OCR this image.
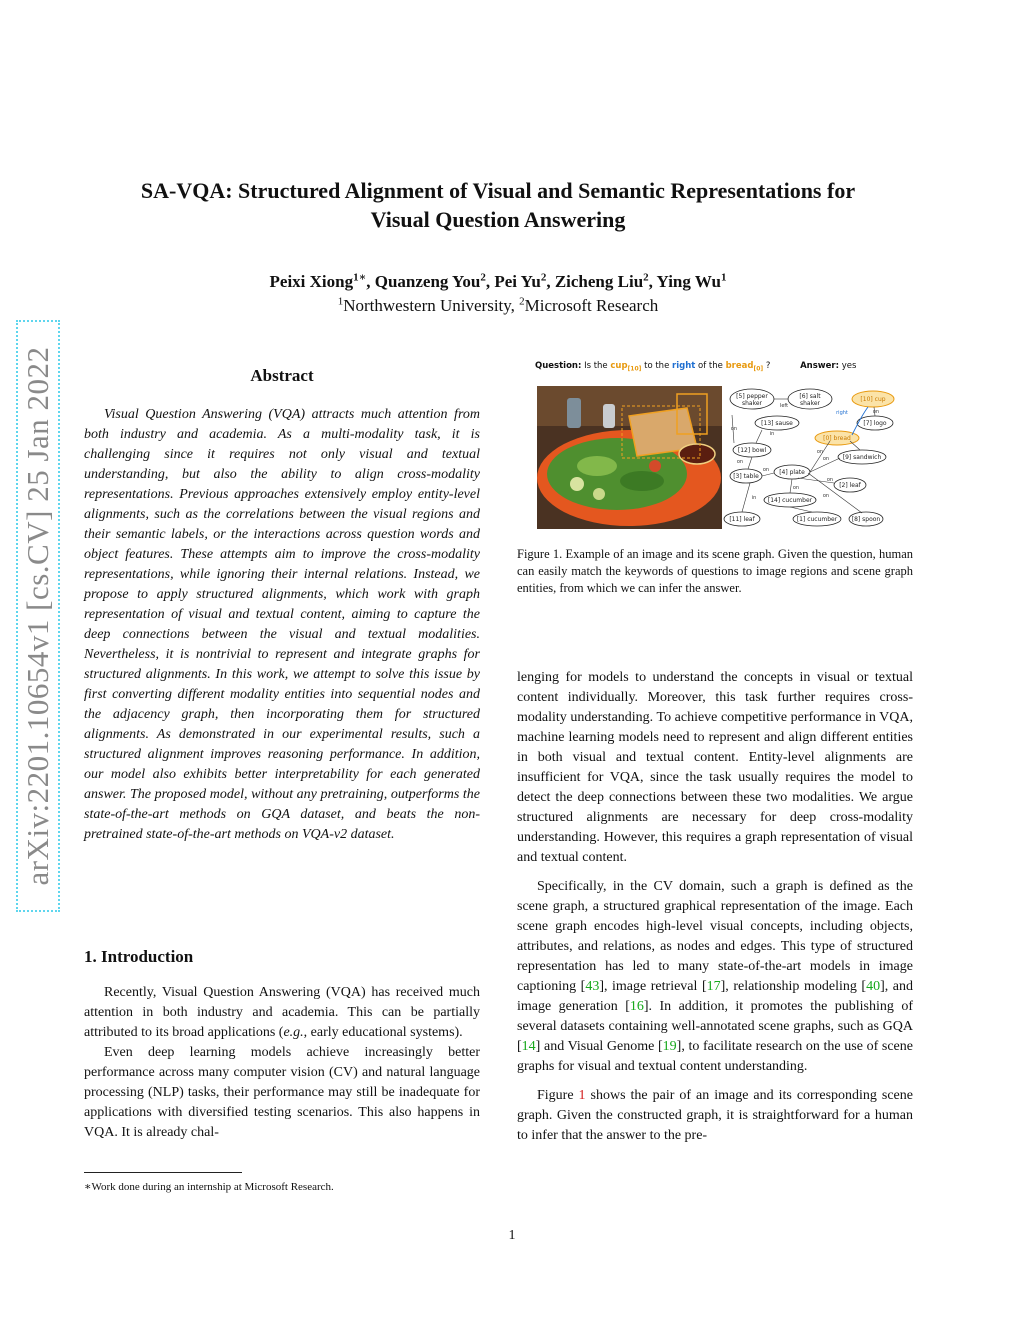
arXiv:2201.10654v1 [cs.CV] 25 Jan 2022
SA-VQA: Structured Alignment of Visual and Semantic Representations for
Visual Question Answering
Peixi Xiong$^{1∗}$, Quanzeng You$^2$, Pei Yu$^2$, Zicheng Liu$^2$, Ying Wu$^1$
$^1$Northwestern University, $^2$Microsoft Research
Abstract
Visual Question Answering (VQA) attracts much attention from both industry and academia. As a multi-modality task, it is challenging since it requires not only visual and textual understanding, but also the ability to align cross-modality representations. Previous approaches extensively employ entity-level alignments, such as the correlations between the visual regions and their semantic labels, or the interactions across question words and object features. These attempts aim to improve the cross-modality representations, while ignoring their internal relations. Instead, we propose to apply structured alignments, which work with graph representation of visual and textual content, aiming to capture the deep connections between the visual and textual modalities. Nevertheless, it is nontrivial to represent and integrate graphs for structured alignments. In this work, we attempt to solve this issue by first converting different modality entities into sequential nodes and the adjacency graph, then incorporating them for structured alignments. As demonstrated in our experimental results, such a structured alignment improves reasoning performance. In addition, our model also exhibits better interpretability for each generated answer. The proposed model, without any pretraining, outperforms the state-of-the-art methods on GQA dataset, and beats the non-pretrained state-of-the-art methods on VQA-v2 dataset.
1. Introduction

Recently, Visual Question Answering (VQA) has received much attention in both industry and academia. This can be partially attributed to its broad applications (e.g., early educational systems).

Even deep learning models achieve increasingly better performance across many computer vision (CV) and natural language processing (NLP) tasks, their performance may still be inadequate for applications with diversified testing scenarios. This also happens in VQA. It is already chal-

∗Work done during an internship at Microsoft Research.
Question: Is the cup$_{[10]}$ to the right of the bread$_{[0]}$ ?	Answer: yes
[5] pepper
shaker
[6] salt
shaker
[10] cup
[13] sause	[7] logo
[0] bread
[12] bowl
[9] sandwich
[3] table
[4] plate
[2] leaf
[14] cucumber
[11] leaf	[1] cucumber [8] spoon
left
right
in
on
on
on
on
on
on
on
on
in	on
Figure 1. Example of an image and its scene graph. Given the question, human can easily match the keywords of questions to image regions and scene graph entities, from which we can infer the answer.

lenging for models to understand the concepts in visual or textual content individually. Moreover, this task further requires cross-modality understanding. To achieve competitive performance in VQA, machine learning models need to represent and align different entities in both visual and textual content. Entity-level alignments are insufficient for VQA, since the task usually requires the model to detect the deep connections between these two modalities. We argue structured alignments are necessary for deep cross-modality understanding. However, this requires a graph representation of visual and textual content.

Specifically, in the CV domain, such a graph is defined as the scene graph, a structured graphical representation of the image. Each scene graph encodes high-level visual concepts, including objects, attributes, and relations, as nodes and edges. This type of structured representation has led to many state-of-the-art models in image captioning [43], image retrieval [17], relationship modeling [40], and image generation [16]. In addition, it promotes the publishing of several datasets containing well-annotated scene graphs, such as GQA [14] and Visual Genome [19], to facilitate research on the use of scene graphs for visual and textual content understanding.

Figure 1 shows the pair of an image and its corresponding scene graph. Given the constructed graph, it is straightforward for a human to infer that the answer to the pre-

1
